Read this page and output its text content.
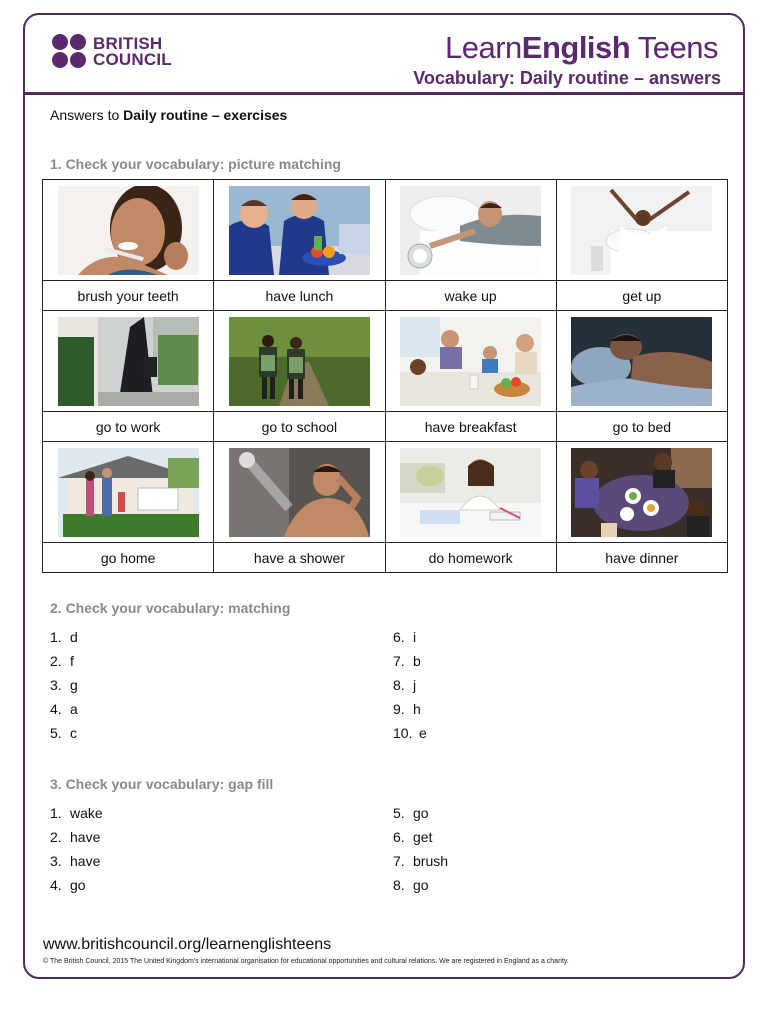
BRITISH
COUNCIL	LearnEnglish Teens
Vocabulary: Daily routine – answers
Answers to Daily routine – exercises
1. Check your vocabulary: picture matching

brush your teeth	have lunch	wake up	get up

go to work	go to school	have breakfast	go to bed

go home	have a shower	do homework	have dinner
2. Check your vocabulary: matching
1. d
2. f
3. g
4. a
5. c
6. i
7. b
8. j
9. h
10. e
3. Check your vocabulary: gap fill
1. wake
2. have
3. have
4. go
5. go
6. get
7. brush
8. go
www.britishcouncil.org/learnenglishteens
© The British Council, 2015 The United Kingdom's international organisation for educational opportunities and cultural relations. We are registered in England as a charity.
